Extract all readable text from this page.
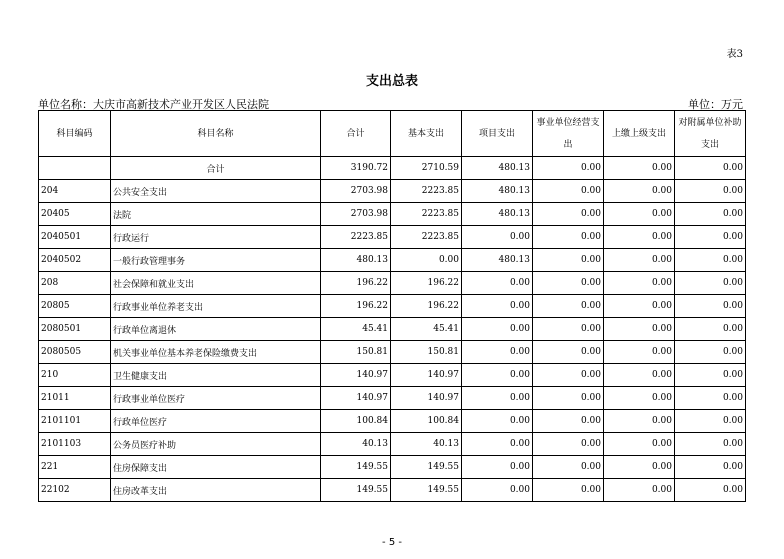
表3
支出总表
单位名称：大庆市高新技术产业开发区人民法院	单位：万元
科目编码	科目名称	合计	基本支出	项目支出	事业单位经营支出	上缴上级支出	对附属单位补助支出
	合计	3190.72	2710.59	480.13	0.00	0.00	0.00
204	公共安全支出	2703.98	2223.85	480.13	0.00	0.00	0.00
20405	法院	2703.98	2223.85	480.13	0.00	0.00	0.00
2040501	行政运行	2223.85	2223.85	0.00	0.00	0.00	0.00
2040502	一般行政管理事务	480.13	0.00	480.13	0.00	0.00	0.00
208	社会保障和就业支出	196.22	196.22	0.00	0.00	0.00	0.00
20805	行政事业单位养老支出	196.22	196.22	0.00	0.00	0.00	0.00
2080501	行政单位离退休	45.41	45.41	0.00	0.00	0.00	0.00
2080505	机关事业单位基本养老保险缴费支出	150.81	150.81	0.00	0.00	0.00	0.00
210	卫生健康支出	140.97	140.97	0.00	0.00	0.00	0.00
21011	行政事业单位医疗	140.97	140.97	0.00	0.00	0.00	0.00
2101101	行政单位医疗	100.84	100.84	0.00	0.00	0.00	0.00
2101103	公务员医疗补助	40.13	40.13	0.00	0.00	0.00	0.00
221	住房保障支出	149.55	149.55	0.00	0.00	0.00	0.00
22102	住房改革支出	149.55	149.55	0.00	0.00	0.00	0.00
- 5 -
